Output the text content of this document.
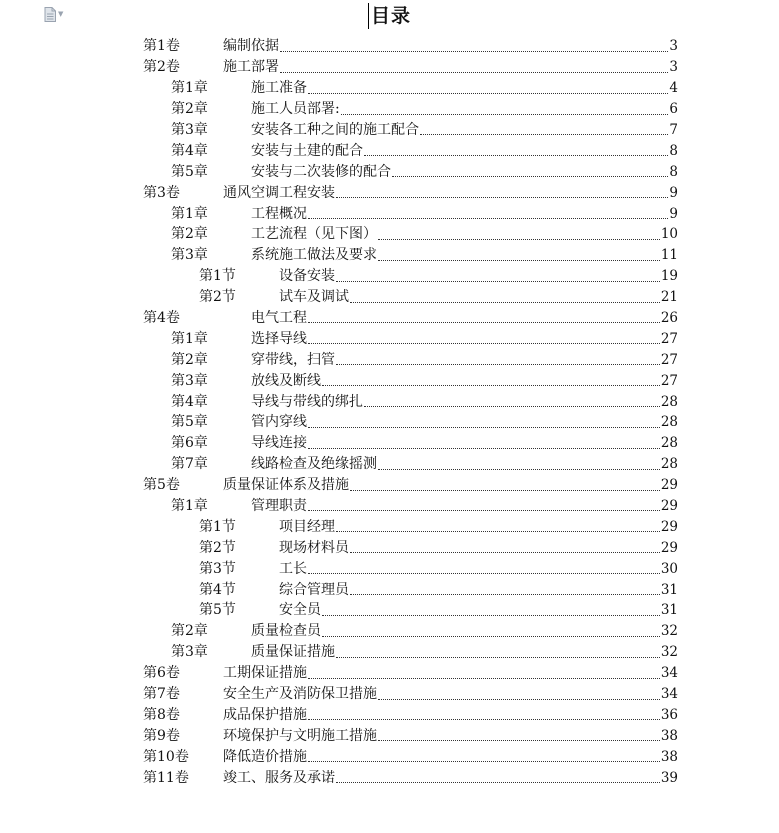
▼	目录
第1卷	编制依据	3
第2卷	施工部署	3
第1章	施工准备	4
第2章	施工人员部署:	6
第3章	安装各工种之间的施工配合	7
第4章	安装与土建的配合	8
第5章	安装与二次装修的配合	8
第3卷	通风空调工程安装	9
第1章	工程概况	9
第2章	工艺流程（见下图）	10
第3章	系统施工做法及要求	11
第1节	设备安装	19
第2节	试车及调试	21
第4卷	电气工程	26
第1章	选择导线	27
第2章	穿带线，扫管	27
第3章	放线及断线	27
第4章	导线与带线的绑扎	28
第5章	管内穿线	28
第6章	导线连接	28
第7章	线路检查及绝缘摇测	28
第5卷	质量保证体系及措施	29
第1章	管理职责	29
第1节	项目经理	29
第2节	现场材料员	29
第3节	工长	30
第4节	综合管理员	31
第5节	安全员	31
第2章	质量检查员	32
第3章	质量保证措施	32
第6卷	工期保证措施	34
第7卷	安全生产及消防保卫措施	34
第8卷	成品保护措施	36
第9卷	环境保护与文明施工措施	38
第10卷	降低造价措施	38
第11卷	竣工、服务及承诺	39
